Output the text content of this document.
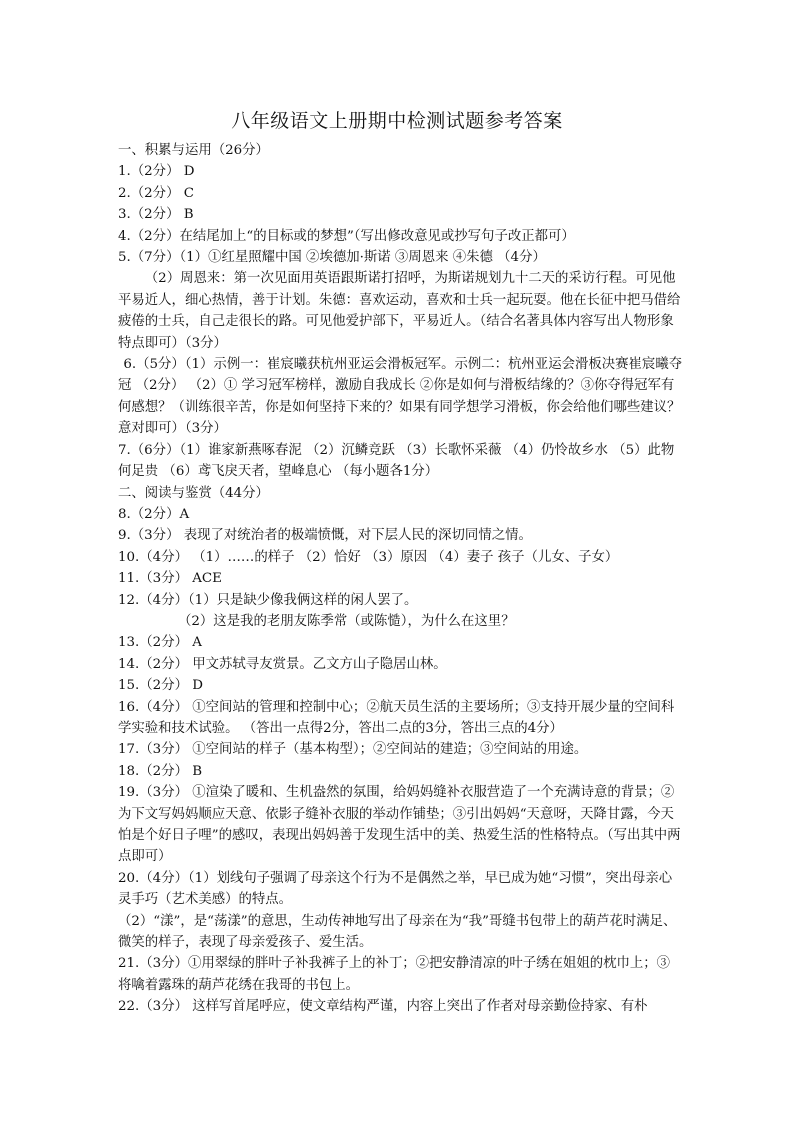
八年级语文上册期中检测试题参考答案

一、积累与运用（26分）

1.（2分） D

2.（2分） C

3.（2分） B

4.（2分）在结尾加上“的目标或的梦想”（写出修改意见或抄写句子改正都可）

5.（7分）（1）①红星照耀中国 ②埃德加·斯诺 ③周恩来 ④朱德 （4分）

（2）周恩来：第一次见面用英语跟斯诺打招呼，为斯诺规划九十二天的采访行程。可见他平易近人，细心热情，善于计划。朱德：喜欢运动，喜欢和士兵一起玩耍。他在长征中把马借给疲倦的士兵，自己走很长的路。可见他爱护部下，平易近人。（结合名著具体内容写出人物形象特点即可）（3分）

6.（5分）（1）示例一：崔宸曦获杭州亚运会滑板冠军。示例二：杭州亚运会滑板决赛崔宸曦夺冠 （2分） （2）① 学习冠军榜样，激励自我成长 ②你是如何与滑板结缘的？③你夺得冠军有何感想？（训练很辛苦，你是如何坚持下来的？如果有同学想学习滑板，你会给他们哪些建议？意对即可）（3分）

7.（6分）（1）谁家新燕啄春泥 （2）沉鳞竞跃 （3）长歌怀采薇 （4）仍怜故乡水 （5）此物何足贵 （6）鸢飞戾天者，望峰息心 （每小题各1分）

二、阅读与鉴赏（44分）

8.（2分）A

9.（3分） 表现了对统治者的极端愤慨，对下层人民的深切同情之情。

10.（4分） （1）……的样子 （2）恰好 （3）原因 （4）妻子 孩子（儿女、子女）

11.（3分） ACE

12.（4分）（1）只是缺少像我俩这样的闲人罢了。

（2）这是我的老朋友陈季常（或陈慥），为什么在这里？

13.（2分） A

14.（2分） 甲文苏轼寻友赏景。乙文方山子隐居山林。

15.（2分） D

16.（4分） ①空间站的管理和控制中心；②航天员生活的主要场所；③支持开展少量的空间科学实验和技术试验。 （答出一点得2分，答出二点的3分，答出三点的4分）

17.（3分） ①空间站的样子（基本构型）；②空间站的建造；③空间站的用途。

18.（2分） B

19.（3分） ①渲染了暖和、生机盎然的氛围，给妈妈缝补衣服营造了一个充满诗意的背景；②为下文写妈妈顺应天意、依影子缝补衣服的举动作铺垫；③引出妈妈“天意呀，天降甘露，今天怕是个好日子哩”的感叹，表现出妈妈善于发现生活中的美、热爱生活的性格特点。（写出其中两点即可）

20.（4分）（1）划线句子强调了母亲这个行为不是偶然之举，早已成为她“习惯”，突出母亲心灵手巧（艺术美感）的特点。

（2）“漾”，是“荡漾”的意思，生动传神地写出了母亲在为“我”哥缝书包带上的葫芦花时满足、微笑的样子，表现了母亲爱孩子、爱生活。

21.（3分）①用翠绿的胖叶子补我裤子上的补丁；②把安静清凉的叶子绣在姐姐的枕巾上；③将噙着露珠的葫芦花绣在我哥的书包上。

22.（3分） 这样写首尾呼应，使文章结构严谨，内容上突出了作者对母亲勤俭持家、有朴
